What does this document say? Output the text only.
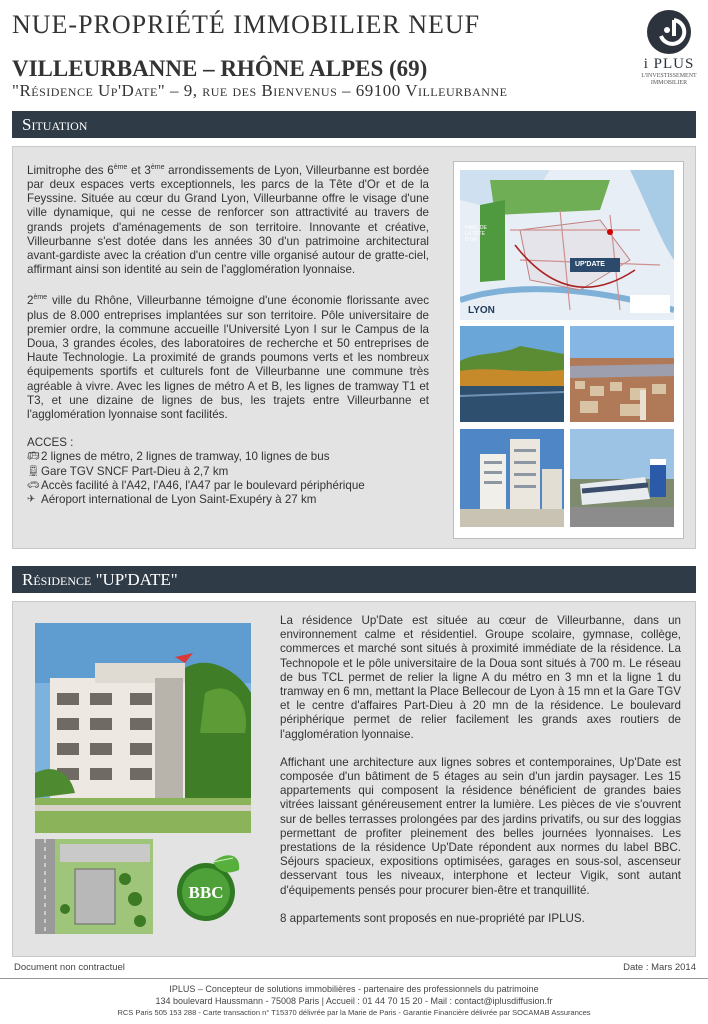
NUE-PROPRIÉTÉ IMMOBILIER NEUF
VILLEURBANNE – RHÔNE ALPES (69)
"Résidence Up'Date" – 9, rue des Bienvenus – 69100 Villeurbanne
i PLUS
L'INVESTISSEMENT
IMMOBILIER
Situation

Limitrophe des 6ème et 3ème arrondissements de Lyon, Villeurbanne est bordée par deux espaces verts exceptionnels, les parcs de la Tête d'Or et de la Feyssine. Située au cœur du Grand Lyon, Villeurbanne offre le visage d'une ville dynamique, qui ne cesse de renforcer son attractivité au travers de grands projets d'aménagements de son territoire. Innovante et créative, Villeurbanne s'est dotée dans les années 30 d'un patrimoine architectural avant-gardiste avec la création d'un centre ville organisé autour de gratte-ciel, affirmant ainsi son identité au sein de l'agglomération lyonnaise.

2ème ville du Rhône, Villeurbanne témoigne d'une économie florissante avec plus de 8.000 entreprises implantées sur son territoire. Pôle universitaire de premier ordre, la commune accueille l'Université Lyon I sur le Campus de la Doua, 3 grandes écoles, des laboratoires de recherche et 50 entreprises de Haute Technologie. La proximité de grands poumons verts et les nombreux équipements sportifs et culturels font de Villeurbanne une commune très agréable à vivre. Avec les lignes de métro A et B, les lignes de tramway T1 et T3, et une dizaine de lignes de bus, les trajets entre Villeurbanne et l'agglomération lyonnaise sont facilités.

ACCES :
🚌︎ 2 lignes de métro, 2 lignes de tramway, 10 lignes de bus
🚆︎ Gare TGV SNCF Part-Dieu à 2,7 km
🚗︎ Accès facilité à l'A42, l'A46, l'A47 par le boulevard périphérique
✈ Aéroport international de Lyon Saint-Exupéry à 27 km
PARC DE LA TÊTE D'OR
UP'DATE
LYON
Résidence "UP'DATE"
BBC

La résidence Up'Date est située au cœur de Villeurbanne, dans un environnement calme et résidentiel. Groupe scolaire, gymnase, collège, commerces et marché sont situés à proximité immédiate de la résidence. La Technopole et le pôle universitaire de la Doua sont situés à 700 m. Le réseau de bus TCL permet de relier la ligne A du métro en 3 mn et la ligne 1 du tramway en 6 mn, mettant la Place Bellecour de Lyon à 15 mn et la Gare TGV et le centre d'affaires Part-Dieu à 20 mn de la résidence. Le boulevard périphérique permet de relier facilement les grands axes routiers de l'agglomération lyonnaise.

Affichant une architecture aux lignes sobres et contemporaines, Up'Date est composée d'un bâtiment de 5 étages au sein d'un jardin paysager. Les 15 appartements qui composent la résidence bénéficient de grandes baies vitrées laissant généreusement entrer la lumière. Les pièces de vie s'ouvrent sur de belles terrasses prolongées par des jardins privatifs, ou sur des loggias permettant de profiter pleinement des belles journées lyonnaises. Les prestations de la résidence Up'Date répondent aux normes du label BBC. Séjours spacieux, expositions optimisées, garages en sous-sol, ascenseur desservant tous les niveaux, interphone et lecteur Vigik, sont autant d'équipements pensés pour procurer bien-être et tranquillité.

8 appartements sont proposés en nue-propriété par IPLUS.

Document non contractuel	Date : Mars 2014
IPLUS – Concepteur de solutions immobilières - partenaire des professionnels du patrimoine
134 boulevard Haussmann - 75008 Paris | Accueil : 01 44 70 15 20 - Mail : contact@iplusdiffusion.fr
RCS Paris 505 153 288 - Carte transaction n° T15370 délivrée par la Marie de Paris - Garantie Financière délivrée par SOCAMAB Assurances
